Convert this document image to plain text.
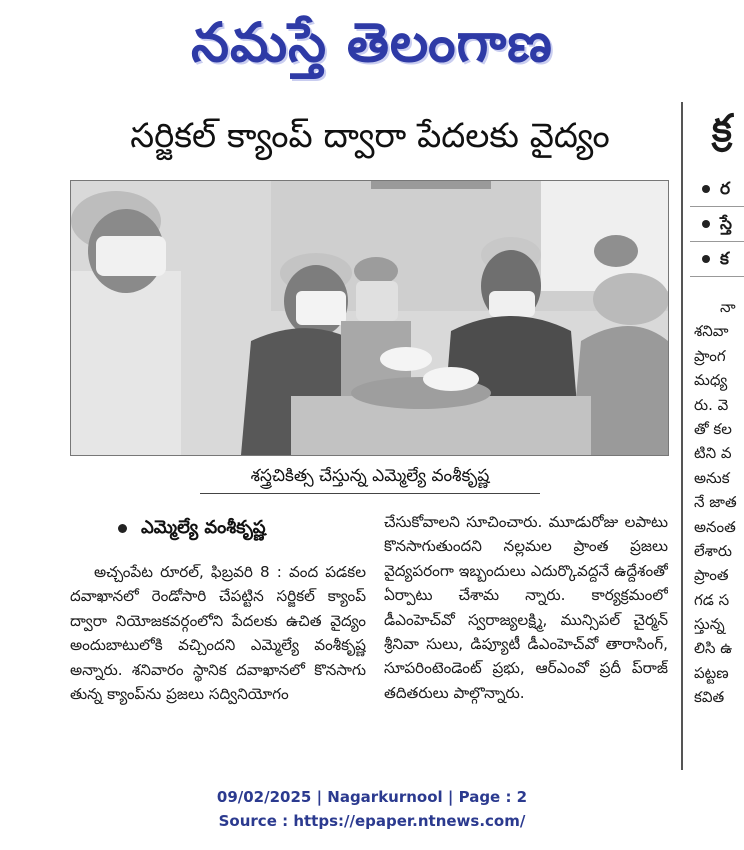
నమస్తే తెలంగాణ
సర్జికల్ క్యాంప్ ద్వారా పేదలకు వైద్యం
శస్త్రచికిత్స చేస్తున్న ఎమ్మెల్యే వంశీకృష్ణ
ఎమ్మెల్యే వంశీకృష్ణ

అచ్చంపేట రూరల్, ఫిబ్రవరి 8 : వంద పడకల దవాఖానలో రెండోసారి చేపట్టిన సర్జికల్ క్యాంప్ ద్వారా నియోజకవర్గంలోని పేదలకు ఉచిత వైద్యం అందుబాటులోకి వచ్చిందని ఎమ్మెల్యే వంశీకృష్ణ అన్నారు. శనివారం స్థానిక దవాఖానలో కొనసాగు తున్న క్యాంప్‌ను ప్రజలు సద్వినియోగం

చేసుకోవాలని సూచించారు. మూడురోజు లపాటు కొనసాగుతుందని నల్లమల ప్రాంత ప్రజలు వైద్యపరంగా ఇబ్బందులు ఎదుర్కొవద్దనే ఉద్దేశంతో ఏర్పాటు చేశామ న్నారు. కార్యక్రమంలో డీఎంహెచ్‌వో స్వరాజ్యలక్ష్మి, మున్సిపల్ చైర్మన్ శ్రీనివా సులు, డిప్యూటీ డీఎంహెచ్‌వో తారాసింగ్, సూపరింటెండెంట్ ప్రభు, ఆర్‌ఎంవో ప్రదీ ప్‌రాజ్ తదితరులు పాల్గొన్నారు.

క్ర
ర
స్తే
క
నా
శనివా
ప్రాంగ
మధ్య
రు. వె
తో కల
టిని వ
అనుక
నే జాత
అనంత
లేశారు
ప్రాంత
గడ స
స్తున్న
లిసి ఉ
పట్టణ
కవిత
09/02/2025 | Nagarkurnool | Page : 2
Source : https://epaper.ntnews.com/
